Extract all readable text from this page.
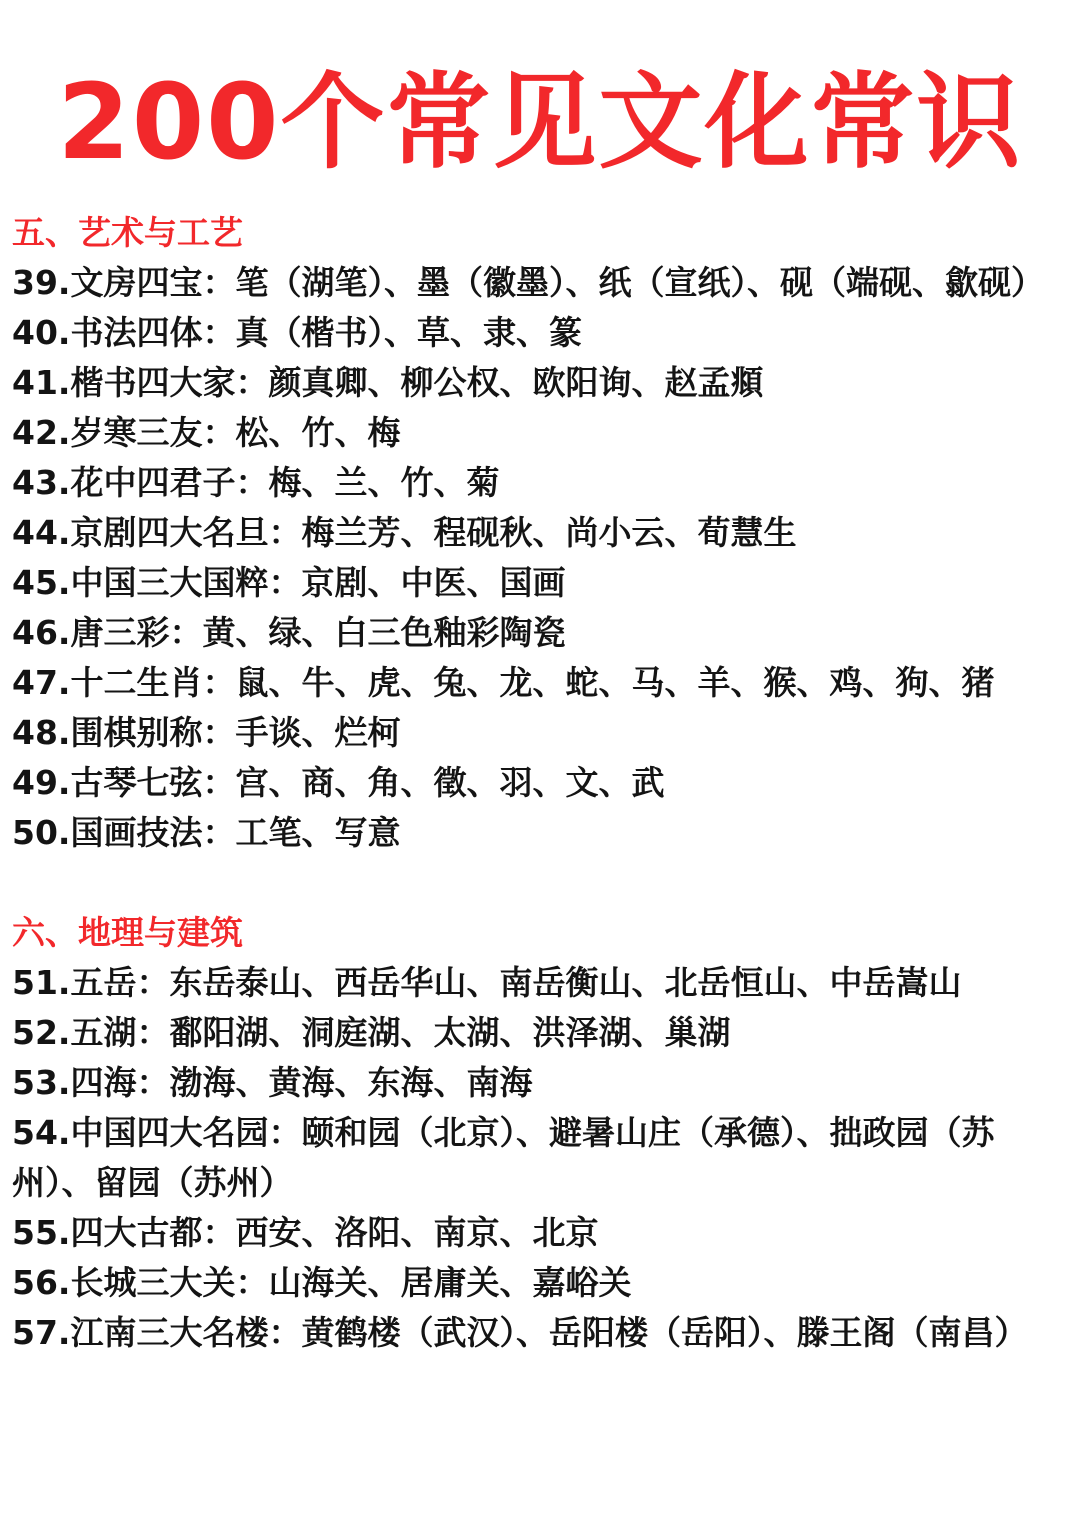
200个常见文化常识
五、艺术与工艺
39.文房四宝：笔（湖笔）、墨（徽墨）、纸（宣纸）、砚（端砚、歙砚）
40.书法四体：真（楷书）、草、隶、篆
41.楷书四大家：颜真卿、柳公权、欧阳询、赵孟頫
42.岁寒三友：松、竹、梅
43.花中四君子：梅、兰、竹、菊
44.京剧四大名旦：梅兰芳、程砚秋、尚小云、荀慧生
45.中国三大国粹：京剧、中医、国画
46.唐三彩：黄、绿、白三色釉彩陶瓷
47.十二生肖：鼠、牛、虎、兔、龙、蛇、马、羊、猴、鸡、狗、猪
48.围棋别称：手谈、烂柯
49.古琴七弦：宫、商、角、徵、羽、文、武
50.国画技法：工笔、写意
六、地理与建筑
51.五岳：东岳泰山、西岳华山、南岳衡山、北岳恒山、中岳嵩山
52.五湖：鄱阳湖、洞庭湖、太湖、洪泽湖、巢湖
53.四海：渤海、黄海、东海、南海
54.中国四大名园：颐和园（北京）、避暑山庄（承德）、拙政园（苏州）、留园（苏州）
55.四大古都：西安、洛阳、南京、北京
56.长城三大关：山海关、居庸关、嘉峪关
57.江南三大名楼：黄鹤楼（武汉）、岳阳楼（岳阳）、滕王阁（南昌）
